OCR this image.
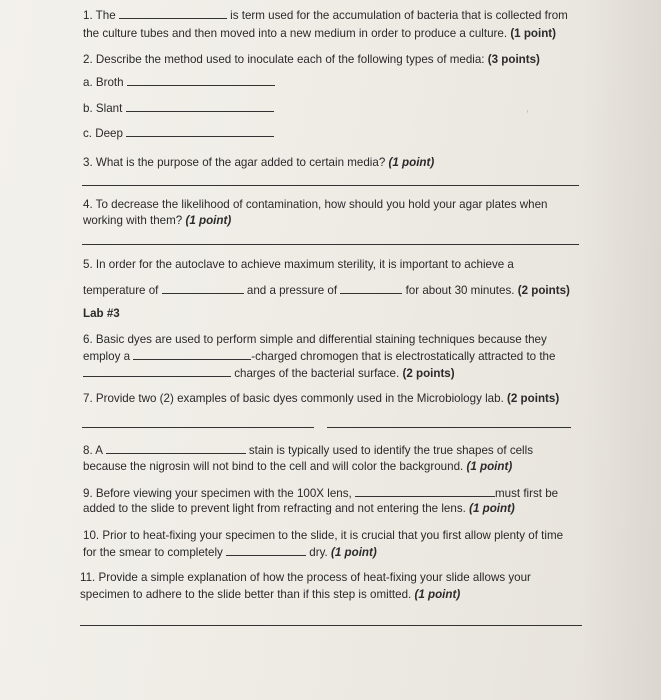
1. The	is term used for the accumulation of bacteria that is collected from
the culture tubes and then moved into a new medium in order to produce a culture. (1 point)
2. Describe the method used to inoculate each of the following types of media: (3 points)
a. Broth
b. Slant
c. Deep
ʼ
3. What is the purpose of the agar added to certain media? (1 point)
4. To decrease the likelihood of contamination, how should you hold your agar plates when
working with them? (1 point)
5. In order for the autoclave to achieve maximum sterility, it is important to achieve a
temperature of	and a pressure of	for about 30 minutes. (2 points)
Lab #3
6. Basic dyes are used to perform simple and differential staining techniques because they
employ a	-charged chromogen that is electrostatically attracted to the
charges of the bacterial surface. (2 points)
7. Provide two (2) examples of basic dyes commonly used in the Microbiology lab. (2 points)
8. A	stain is typically used to identify the true shapes of cells
because the nigrosin will not bind to the cell and will color the background. (1 point)
9. Before viewing your specimen with the 100X lens,	must first be
added to the slide to prevent light from refracting and not entering the lens. (1 point)
10. Prior to heat-fixing your specimen to the slide, it is crucial that you first allow plenty of time
for the smear to completely	dry. (1 point)
11. Provide a simple explanation of how the process of heat-fixing your slide allows your
specimen to adhere to the slide better than if this step is omitted. (1 point)
